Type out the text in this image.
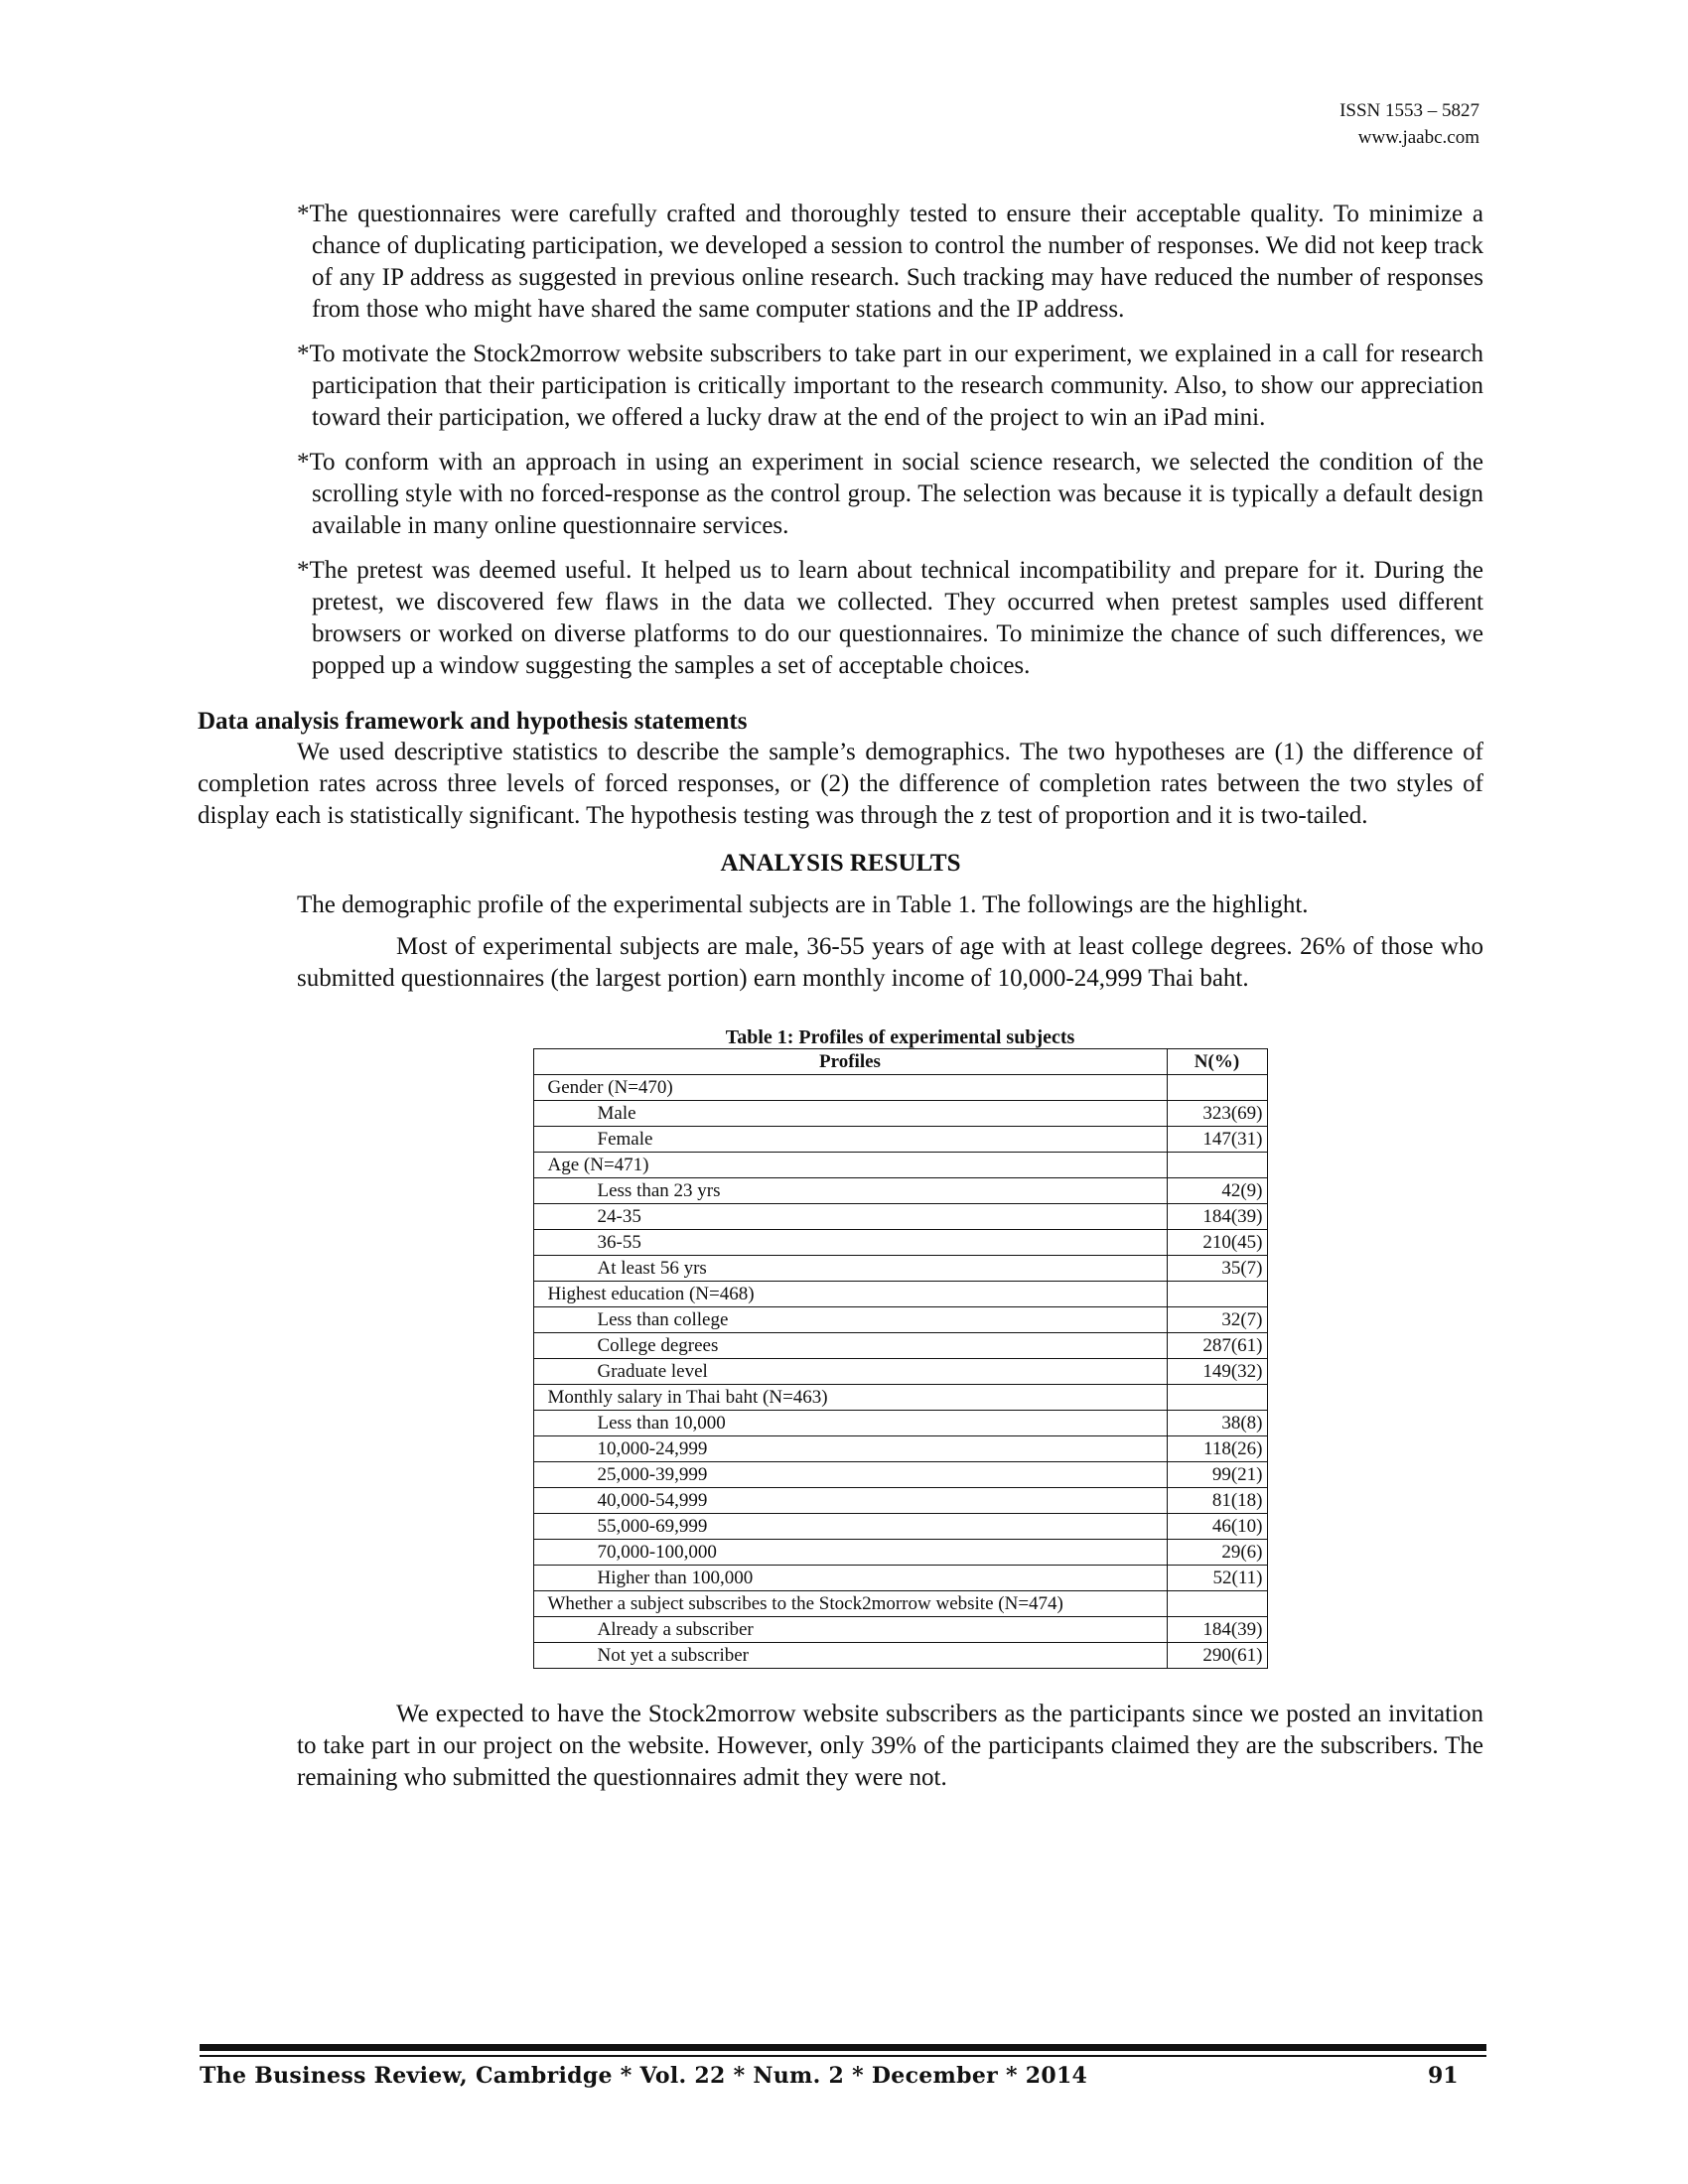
ISSN 1553 – 5827
www.jaabc.com

*The questionnaires were carefully crafted and thoroughly tested to ensure their acceptable quality. To minimize a chance of duplicating participation, we developed a session to control the number of responses. We did not keep track of any IP address as suggested in previous online research. Such tracking may have reduced the number of responses from those who might have shared the same computer stations and the IP address.

*To motivate the Stock2morrow website subscribers to take part in our experiment, we explained in a call for research participation that their participation is critically important to the research community. Also, to show our appreciation toward their participation, we offered a lucky draw at the end of the project to win an iPad mini.

*To conform with an approach in using an experiment in social science research, we selected the condition of the scrolling style with no forced-response as the control group. The selection was because it is typically a default design available in many online questionnaire services.

*The pretest was deemed useful. It helped us to learn about technical incompatibility and prepare for it. During the pretest, we discovered few flaws in the data we collected. They occurred when pretest samples used different browsers or worked on diverse platforms to do our questionnaires. To minimize the chance of such differences, we popped up a window suggesting the samples a set of acceptable choices.

Data analysis framework and hypothesis statements

We used descriptive statistics to describe the sample’s demographics. The two hypotheses are (1) the difference of completion rates across three levels of forced responses, or (2) the difference of completion rates between the two styles of display each is statistically significant. The hypothesis testing was through the z test of proportion and it is two-tailed.

ANALYSIS RESULTS

The demographic profile of the experimental subjects are in Table 1. The followings are the highlight.

Most of experimental subjects are male, 36-55 years of age with at least college degrees. 26% of those who submitted questionnaires (the largest portion) earn monthly income of 10,000-24,999 Thai baht.

Table 1: Profiles of experimental subjects
Profiles	N(%)
Gender (N=470)	
Male	323(69)
Female	147(31)
Age (N=471)	
Less than 23 yrs	42(9)
24-35	184(39)
36-55	210(45)
At least 56 yrs	35(7)
Highest education (N=468)	
Less than college	32(7)
College degrees	287(61)
Graduate level	149(32)
Monthly salary in Thai baht (N=463)	
Less than 10,000	38(8)
10,000-24,999	118(26)
25,000-39,999	99(21)
40,000-54,999	81(18)
55,000-69,999	46(10)
70,000-100,000	29(6)
Higher than 100,000	52(11)
Whether a subject subscribes to the Stock2morrow website (N=474)	
Already a subscriber	184(39)
Not yet a subscriber	290(61)

We expected to have the Stock2morrow website subscribers as the participants since we posted an invitation to take part in our project on the website. However, only 39% of the participants claimed they are the subscribers. The remaining who submitted the questionnaires admit they were not.

The Business Review, Cambridge * Vol. 22 * Num. 2 * December * 2014	91
